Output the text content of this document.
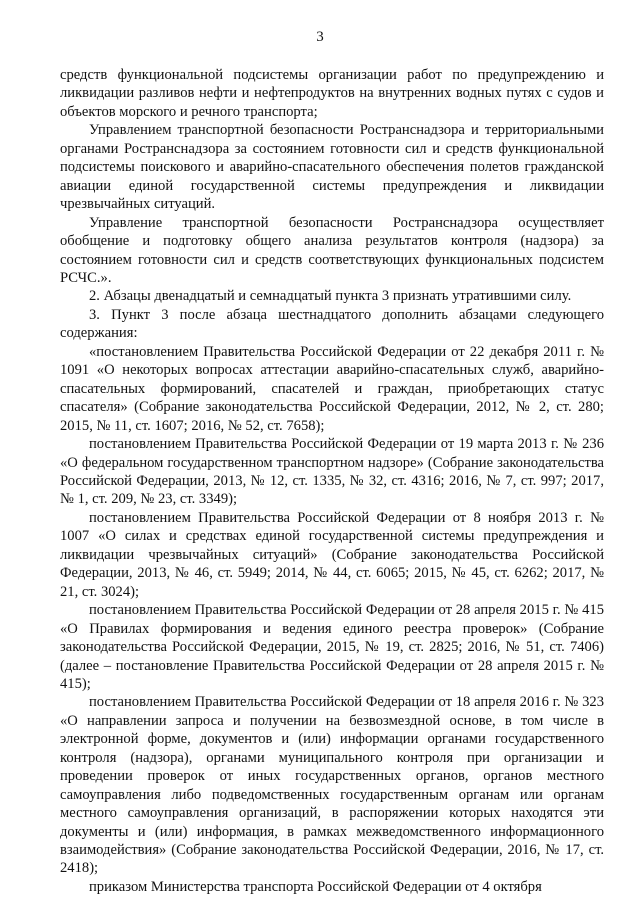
3

средств функциональной подсистемы организации работ по предупреждению и ликвидации разливов нефти и нефтепродуктов на внутренних водных путях с судов и объектов морского и речного транспорта;

Управлением транспортной безопасности Ространснадзора и территориальными органами Ространснадзора за состоянием готовности сил и средств функциональной подсистемы поискового и аварийно-спасательного обеспечения полетов гражданской авиации единой государственной системы предупреждения и ликвидации чрезвычайных ситуаций.

Управление транспортной безопасности Ространснадзора осуществляет обобщение и подготовку общего анализа результатов контроля (надзора) за состоянием готовности сил и средств соответствующих функциональных подсистем РСЧС.».

2. Абзацы двенадцатый и семнадцатый пункта 3 признать утратившими силу.

3. Пункт 3 после абзаца шестнадцатого дополнить абзацами следующего содержания:

«постановлением Правительства Российской Федерации от 22 декабря 2011 г. № 1091 «О некоторых вопросах аттестации аварийно-спасательных служб, аварийно-спасательных формирований, спасателей и граждан, приобретающих статус спасателя» (Собрание законодательства Российской Федерации, 2012, № 2, ст. 280; 2015, № 11, ст. 1607; 2016, № 52, ст. 7658);

постановлением Правительства Российской Федерации от 19 марта 2013 г. № 236 «О федеральном государственном транспортном надзоре» (Собрание законодательства Российской Федерации, 2013, № 12, ст. 1335, № 32, ст. 4316; 2016, № 7, ст. 997; 2017, № 1, ст. 209, № 23, ст. 3349);

постановлением Правительства Российской Федерации от 8 ноября 2013 г. № 1007 «О силах и средствах единой государственной системы предупреждения и ликвидации чрезвычайных ситуаций» (Собрание законодательства Российской Федерации, 2013, № 46, ст. 5949; 2014, № 44, ст. 6065; 2015, № 45, ст. 6262; 2017, № 21, ст. 3024);

постановлением Правительства Российской Федерации от 28 апреля 2015 г. № 415 «О Правилах формирования и ведения единого реестра проверок» (Собрание законодательства Российской Федерации, 2015, № 19, ст. 2825; 2016, № 51, ст. 7406) (далее – постановление Правительства Российской Федерации от 28 апреля 2015 г. № 415);

постановлением Правительства Российской Федерации от 18 апреля 2016 г. № 323 «О направлении запроса и получении на безвозмездной основе, в том числе в электронной форме, документов и (или) информации органами государственного контроля (надзора), органами муниципального контроля при организации и проведении проверок от иных государственных органов, органов местного самоуправления либо подведомственных государственным органам или органам местного самоуправления организаций, в распоряжении которых находятся эти документы и (или) информация, в рамках межведомственного информационного взаимодействия» (Собрание законодательства Российской Федерации, 2016, № 17, ст. 2418);

приказом Министерства транспорта Российской Федерации от 4 октября
